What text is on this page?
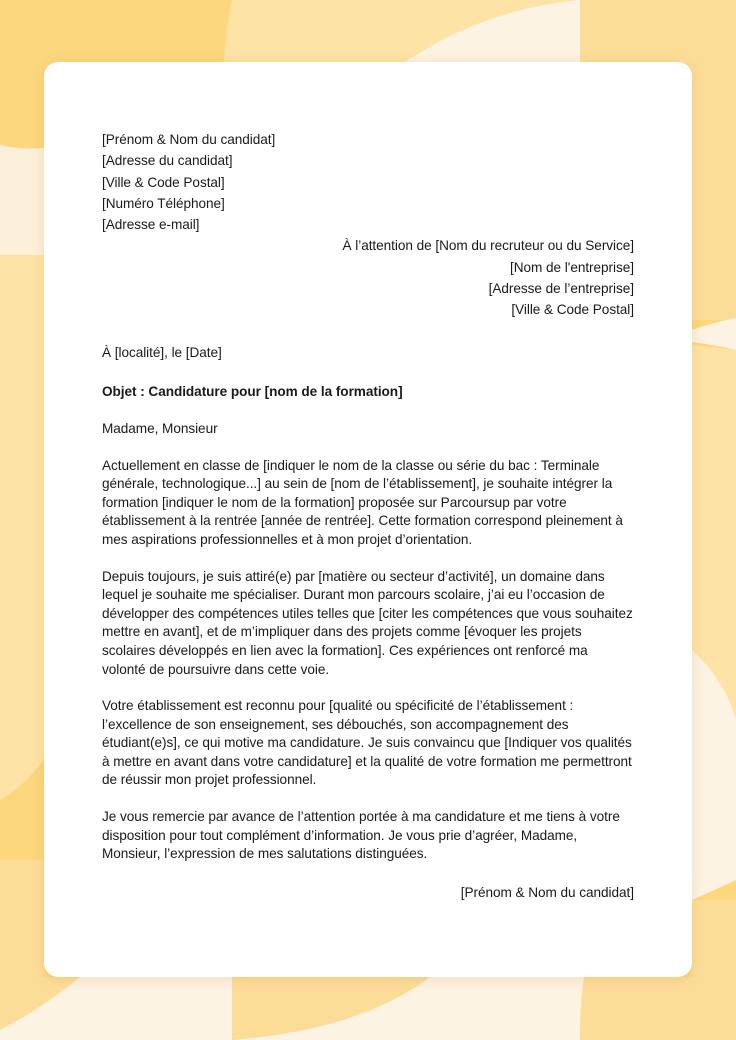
[Prénom & Nom du candidat]

[Adresse du candidat]

[Ville & Code Postal]

[Numéro Téléphone]

[Adresse e-mail]

À l’attention de [Nom du recruteur ou du Service]

[Nom de l'entreprise]

[Adresse de l’entreprise]

[Ville & Code Postal]

À [localité], le [Date]

Objet : Candidature pour [nom de la formation]

Madame, Monsieur

Actuellement en classe de [indiquer le nom de la classe ou série du bac : Terminale générale, technologique...] au sein de [nom de l’établissement], je souhaite intégrer la formation [indiquer le nom de la formation] proposée sur Parcoursup par votre établissement à la rentrée [année de rentrée]. Cette formation correspond pleinement à mes aspirations professionnelles et à mon projet d’orientation.

Depuis toujours, je suis attiré(e) par [matière ou secteur d’activité], un domaine dans lequel je souhaite me spécialiser. Durant mon parcours scolaire, j’ai eu l’occasion de développer des compétences utiles telles que [citer les compétences que vous souhaitez mettre en avant], et de m’impliquer dans des projets comme [évoquer les projets scolaires développés en lien avec la formation]. Ces expériences ont renforcé ma volonté de poursuivre dans cette voie.

Votre établissement est reconnu pour [qualité ou spécificité de l’établissement : l’excellence de son enseignement, ses débouchés, son accompagnement des étudiant(e)s], ce qui motive ma candidature. Je suis convaincu que [Indiquer vos qualités à mettre en avant dans votre candidature] et la qualité de votre formation me permettront de réussir mon projet professionnel.

Je vous remercie par avance de l’attention portée à ma candidature et me tiens à votre disposition pour tout complément d’information. Je vous prie d’agréer, Madame, Monsieur, l’expression de mes salutations distinguées.

[Prénom & Nom du candidat]
